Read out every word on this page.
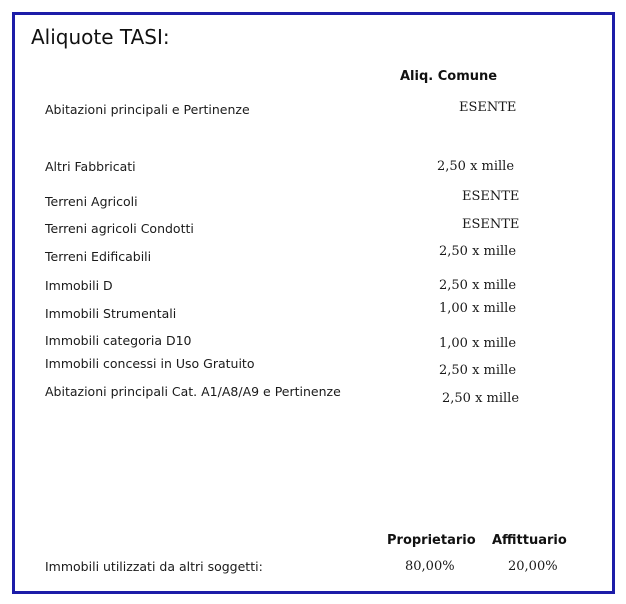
Aliquote TASI:
Aliq. Comune
Abitazioni principali e Pertinenze	ESENTE
Altri Fabbricati	2,50 x mille
Terreni Agricoli	ESENTE
Terreni agricoli Condotti	ESENTE
Terreni Edificabili	2,50 x mille
Immobili D	2,50 x mille
Immobili Strumentali	1,00 x mille
Immobili categoria D10	1,00 x mille
Immobili concessi in Uso Gratuito	2,50 x mille
Abitazioni principali Cat. A1/A8/A9 e Pertinenze	2,50 x mille
Proprietario Affittuario
Immobili utilizzati da altri soggetti:	80,00%	20,00%
